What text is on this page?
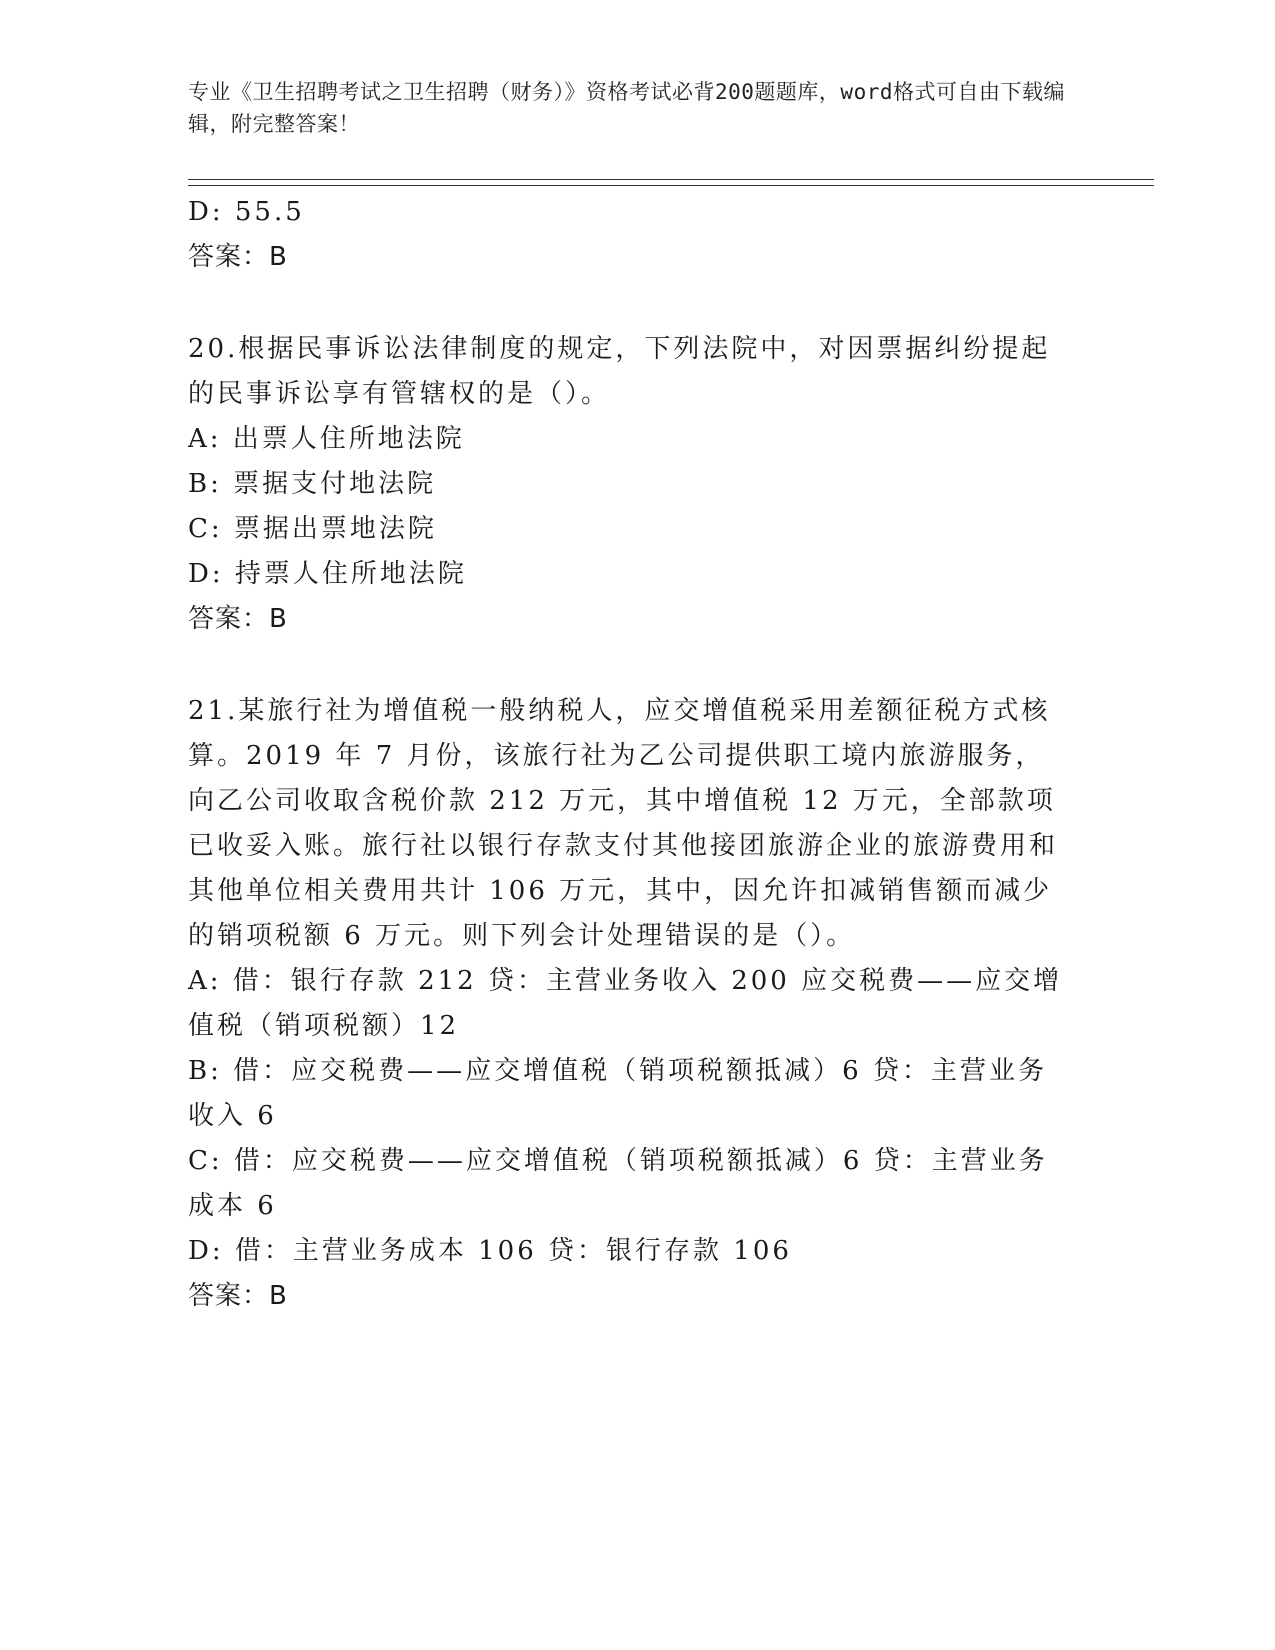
专业《卫生招聘考试之卫生招聘（财务）》资格考试必背200题题库，word格式可自由下载编辑，附完整答案！
D: 55.5
答案：B
20.根据民事诉讼法律制度的规定，下列法院中，对因票据纠纷提起的民事诉讼享有管辖权的是（）。
A: 出票人住所地法院
B: 票据支付地法院
C: 票据出票地法院
D: 持票人住所地法院
答案：B
21.某旅行社为增值税一般纳税人，应交增值税采用差额征税方式核算。2019 年 7 月份，该旅行社为乙公司提供职工境内旅游服务，向乙公司收取含税价款 212 万元，其中增值税 12 万元，全部款项已收妥入账。旅行社以银行存款支付其他接团旅游企业的旅游费用和其他单位相关费用共计 106 万元，其中，因允许扣减销售额而减少的销项税额 6 万元。则下列会计处理错误的是（）。
A: 借：银行存款 212 贷：主营业务收入 200 应交税费——应交增值税（销项税额）12
B: 借：应交税费——应交增值税（销项税额抵减）6 贷：主营业务收入 6
C: 借：应交税费——应交增值税（销项税额抵减）6 贷：主营业务成本 6
D: 借：主营业务成本 106 贷：银行存款 106
答案：B
